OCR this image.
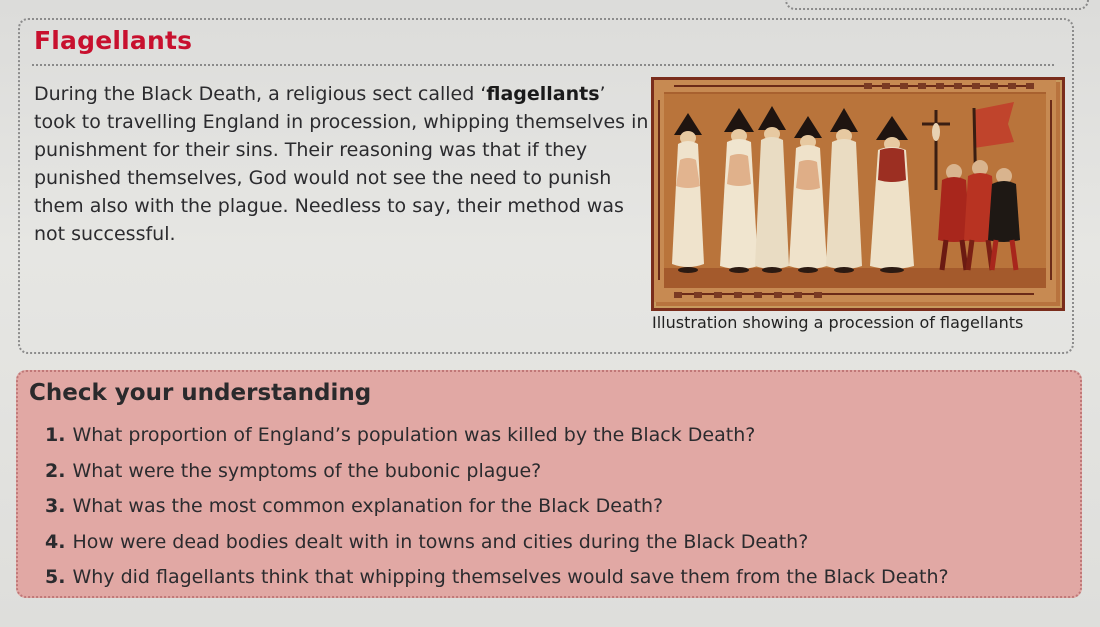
Flagellants

During the Black Death, a religious sect called ‘flagellants’ took to travelling England in procession, whipping themselves in punishment for their sins. Their reasoning was that if they punished themselves, God would not see the need to punish them also with the plague. Needless to say, their method was not successful.

Illustration showing a procession of flagellants
Check your understanding
1. What proportion of England’s population was killed by the Black Death?
2. What were the symptoms of the bubonic plague?
3. What was the most common explanation for the Black Death?
4. How were dead bodies dealt with in towns and cities during the Black Death?
5. Why did flagellants think that whipping themselves would save them from the Black Death?
